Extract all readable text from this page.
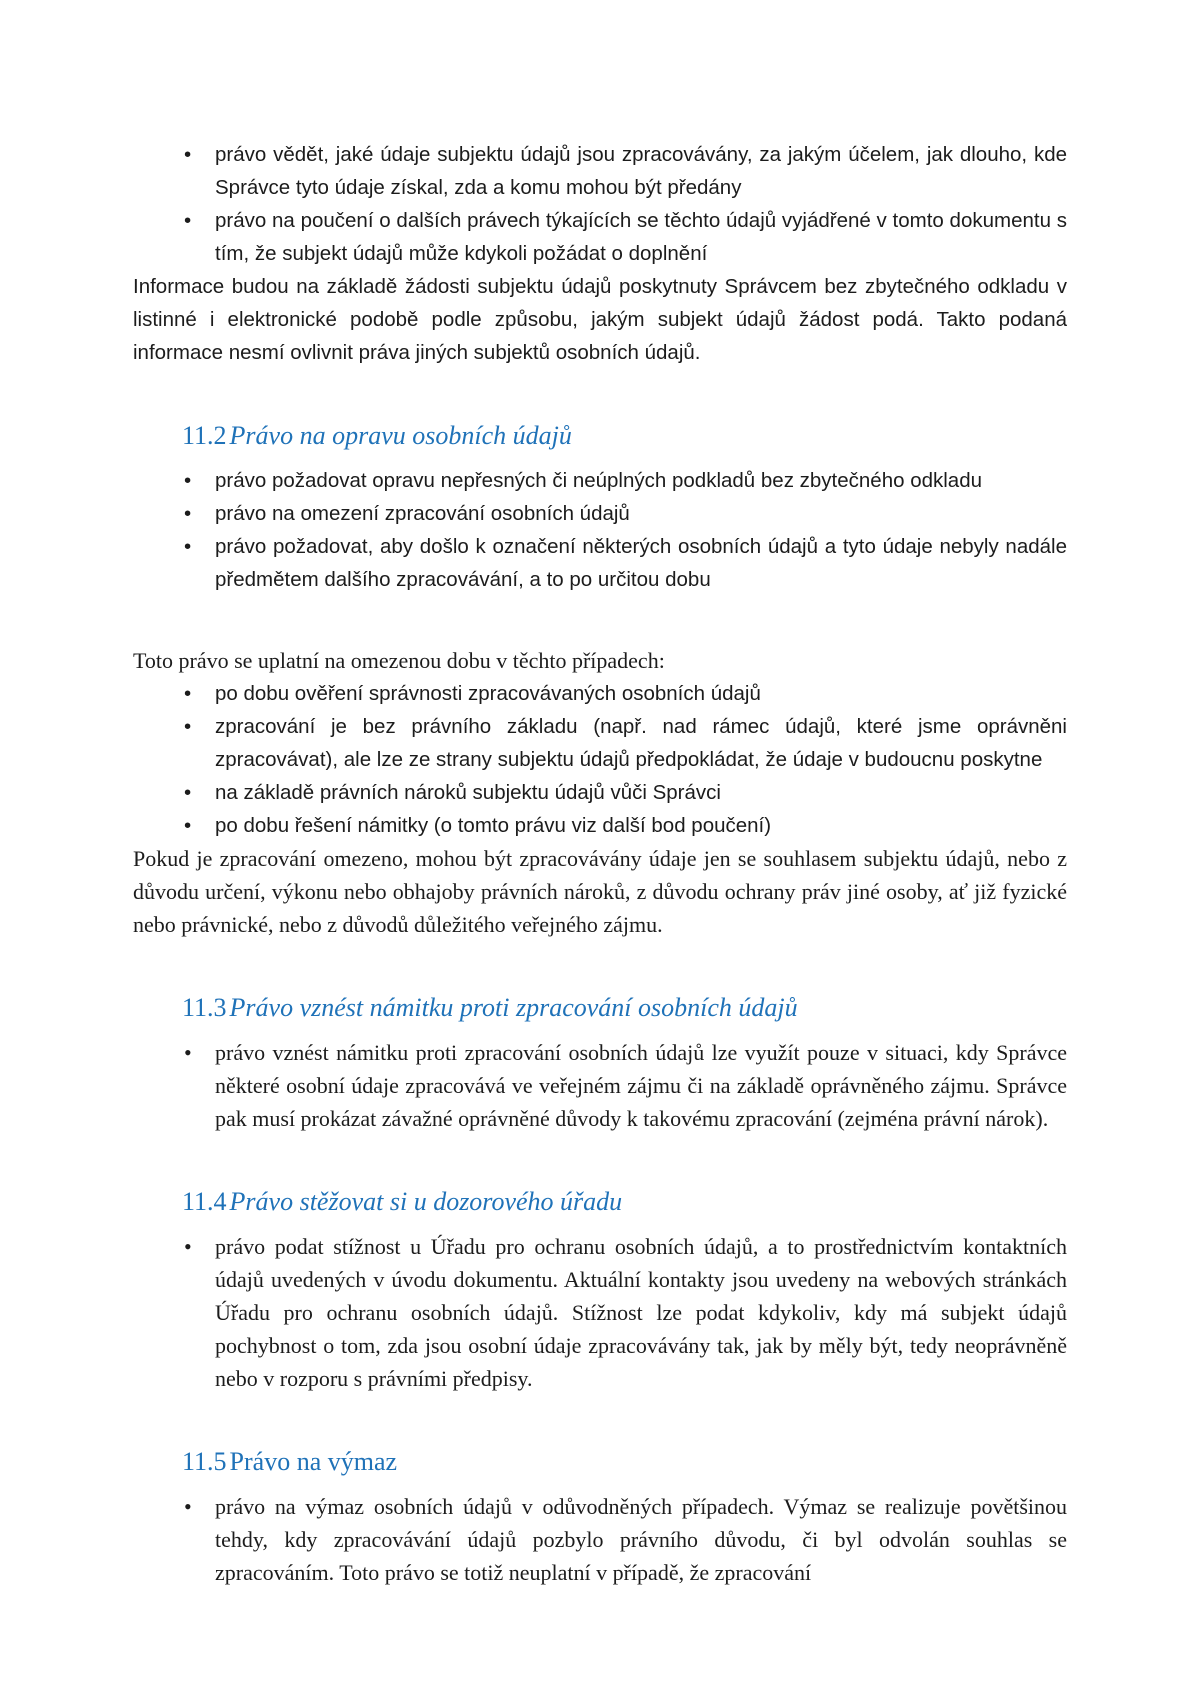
• právo vědět, jaké údaje subjektu údajů jsou zpracovávány, za jakým účelem, jak dlouho, kde Správce tyto údaje získal, zda a komu mohou být předány
• právo na poučení o dalších právech týkajících se těchto údajů vyjádřené v tomto dokumentu s tím, že subjekt údajů může kdykoli požádat o doplnění

Informace budou na základě žádosti subjektu údajů poskytnuty Správcem bez zbytečného odkladu v listinné i elektronické podobě podle způsobu, jakým subjekt údajů žádost podá. Takto podaná informace nesmí ovlivnit práva jiných subjektů osobních údajů.

11.2 Právo na opravu osobních údajů
• právo požadovat opravu nepřesných či neúplných podkladů bez zbytečného odkladu
• právo na omezení zpracování osobních údajů
• právo požadovat, aby došlo k označení některých osobních údajů a tyto údaje nebyly nadále předmětem dalšího zpracovávání, a to po určitou dobu

Toto právo se uplatní na omezenou dobu v těchto případech:

• po dobu ověření správnosti zpracovávaných osobních údajů
• zpracování je bez právního základu (např. nad rámec údajů, které jsme oprávněni zpracovávat), ale lze ze strany subjektu údajů předpokládat, že údaje v budoucnu poskytne
• na základě právních nároků subjektu údajů vůči Správci
• po dobu řešení námitky (o tomto právu viz další bod poučení)

Pokud je zpracování omezeno, mohou být zpracovávány údaje jen se souhlasem subjektu údajů, nebo z důvodu určení, výkonu nebo obhajoby právních nároků, z důvodu ochrany práv jiné osoby, ať již fyzické nebo právnické, nebo z důvodů důležitého veřejného zájmu.

11.3 Právo vznést námitku proti zpracování osobních údajů
• právo vznést námitku proti zpracování osobních údajů lze využít pouze v situaci, kdy Správce některé osobní údaje zpracovává ve veřejném zájmu či na základě oprávněného zájmu. Správce pak musí prokázat závažné oprávněné důvody k takovému zpracování (zejména právní nárok).
11.4 Právo stěžovat si u dozorového úřadu
• právo podat stížnost u Úřadu pro ochranu osobních údajů, a to prostřednictvím kontaktních údajů uvedených v úvodu dokumentu. Aktuální kontakty jsou uvedeny na webových stránkách Úřadu pro ochranu osobních údajů. Stížnost lze podat kdykoliv, kdy má subjekt údajů pochybnost o tom, zda jsou osobní údaje zpracovávány tak, jak by měly být, tedy neoprávněně nebo v rozporu s právními předpisy.
11.5 Právo na výmaz
• právo na výmaz osobních údajů v odůvodněných případech. Výmaz se realizuje povětšinou tehdy, kdy zpracovávání údajů pozbylo právního důvodu, či byl odvolán souhlas se zpracováním. Toto právo se totiž neuplatní v případě, že zpracování
